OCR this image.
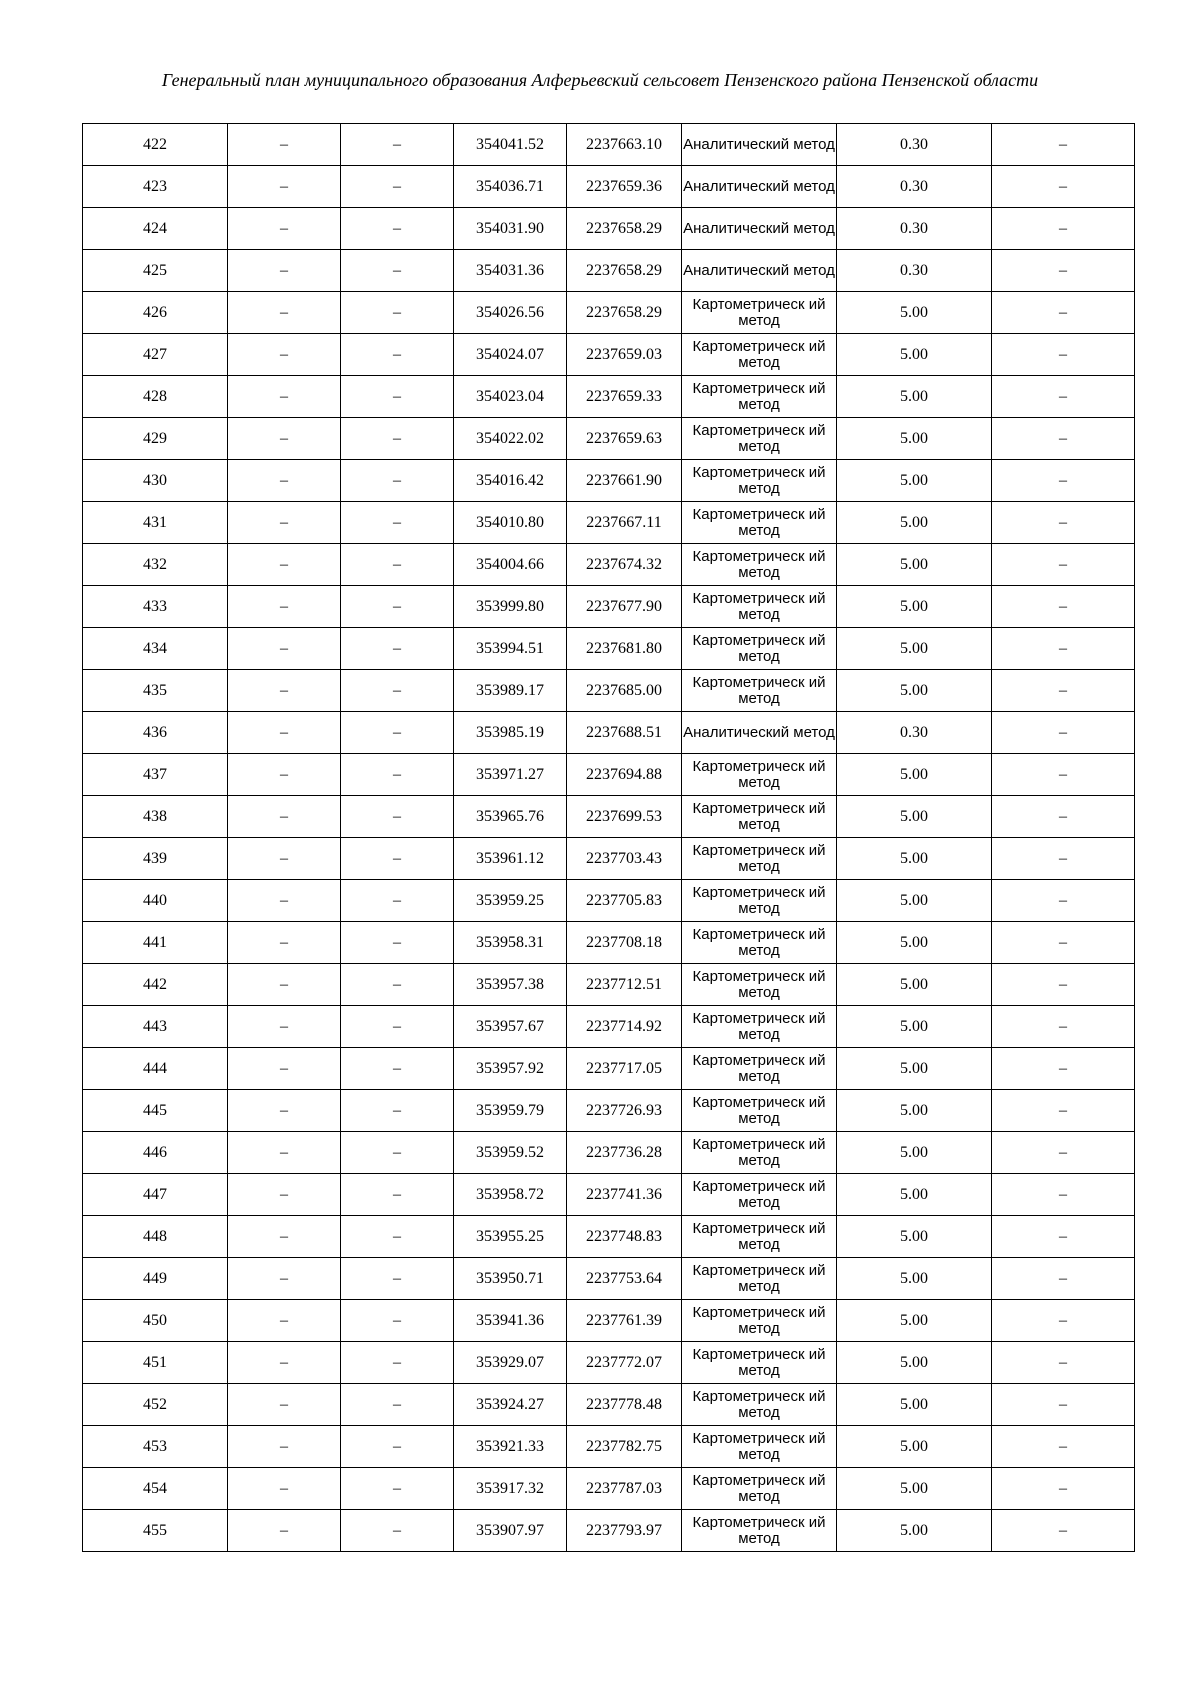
Генеральный план муниципального образования Алферьевский сельсовет Пензенского района Пензенской области
422	–	–	354041.52	2237663.10	Аналитический метод	0.30	–
423	–	–	354036.71	2237659.36	Аналитический метод	0.30	–
424	–	–	354031.90	2237658.29	Аналитический метод	0.30	–
425	–	–	354031.36	2237658.29	Аналитический метод	0.30	–
426	–	–	354026.56	2237658.29	Картометрическ ий метод	5.00	–
427	–	–	354024.07	2237659.03	Картометрическ ий метод	5.00	–
428	–	–	354023.04	2237659.33	Картометрическ ий метод	5.00	–
429	–	–	354022.02	2237659.63	Картометрическ ий метод	5.00	–
430	–	–	354016.42	2237661.90	Картометрическ ий метод	5.00	–
431	–	–	354010.80	2237667.11	Картометрическ ий метод	5.00	–
432	–	–	354004.66	2237674.32	Картометрическ ий метод	5.00	–
433	–	–	353999.80	2237677.90	Картометрическ ий метод	5.00	–
434	–	–	353994.51	2237681.80	Картометрическ ий метод	5.00	–
435	–	–	353989.17	2237685.00	Картометрическ ий метод	5.00	–
436	–	–	353985.19	2237688.51	Аналитический метод	0.30	–
437	–	–	353971.27	2237694.88	Картометрическ ий метод	5.00	–
438	–	–	353965.76	2237699.53	Картометрическ ий метод	5.00	–
439	–	–	353961.12	2237703.43	Картометрическ ий метод	5.00	–
440	–	–	353959.25	2237705.83	Картометрическ ий метод	5.00	–
441	–	–	353958.31	2237708.18	Картометрическ ий метод	5.00	–
442	–	–	353957.38	2237712.51	Картометрическ ий метод	5.00	–
443	–	–	353957.67	2237714.92	Картометрическ ий метод	5.00	–
444	–	–	353957.92	2237717.05	Картометрическ ий метод	5.00	–
445	–	–	353959.79	2237726.93	Картометрическ ий метод	5.00	–
446	–	–	353959.52	2237736.28	Картометрическ ий метод	5.00	–
447	–	–	353958.72	2237741.36	Картометрическ ий метод	5.00	–
448	–	–	353955.25	2237748.83	Картометрическ ий метод	5.00	–
449	–	–	353950.71	2237753.64	Картометрическ ий метод	5.00	–
450	–	–	353941.36	2237761.39	Картометрическ ий метод	5.00	–
451	–	–	353929.07	2237772.07	Картометрическ ий метод	5.00	–
452	–	–	353924.27	2237778.48	Картометрическ ий метод	5.00	–
453	–	–	353921.33	2237782.75	Картометрическ ий метод	5.00	–
454	–	–	353917.32	2237787.03	Картометрическ ий метод	5.00	–
455	–	–	353907.97	2237793.97	Картометрическ ий метод	5.00	–
